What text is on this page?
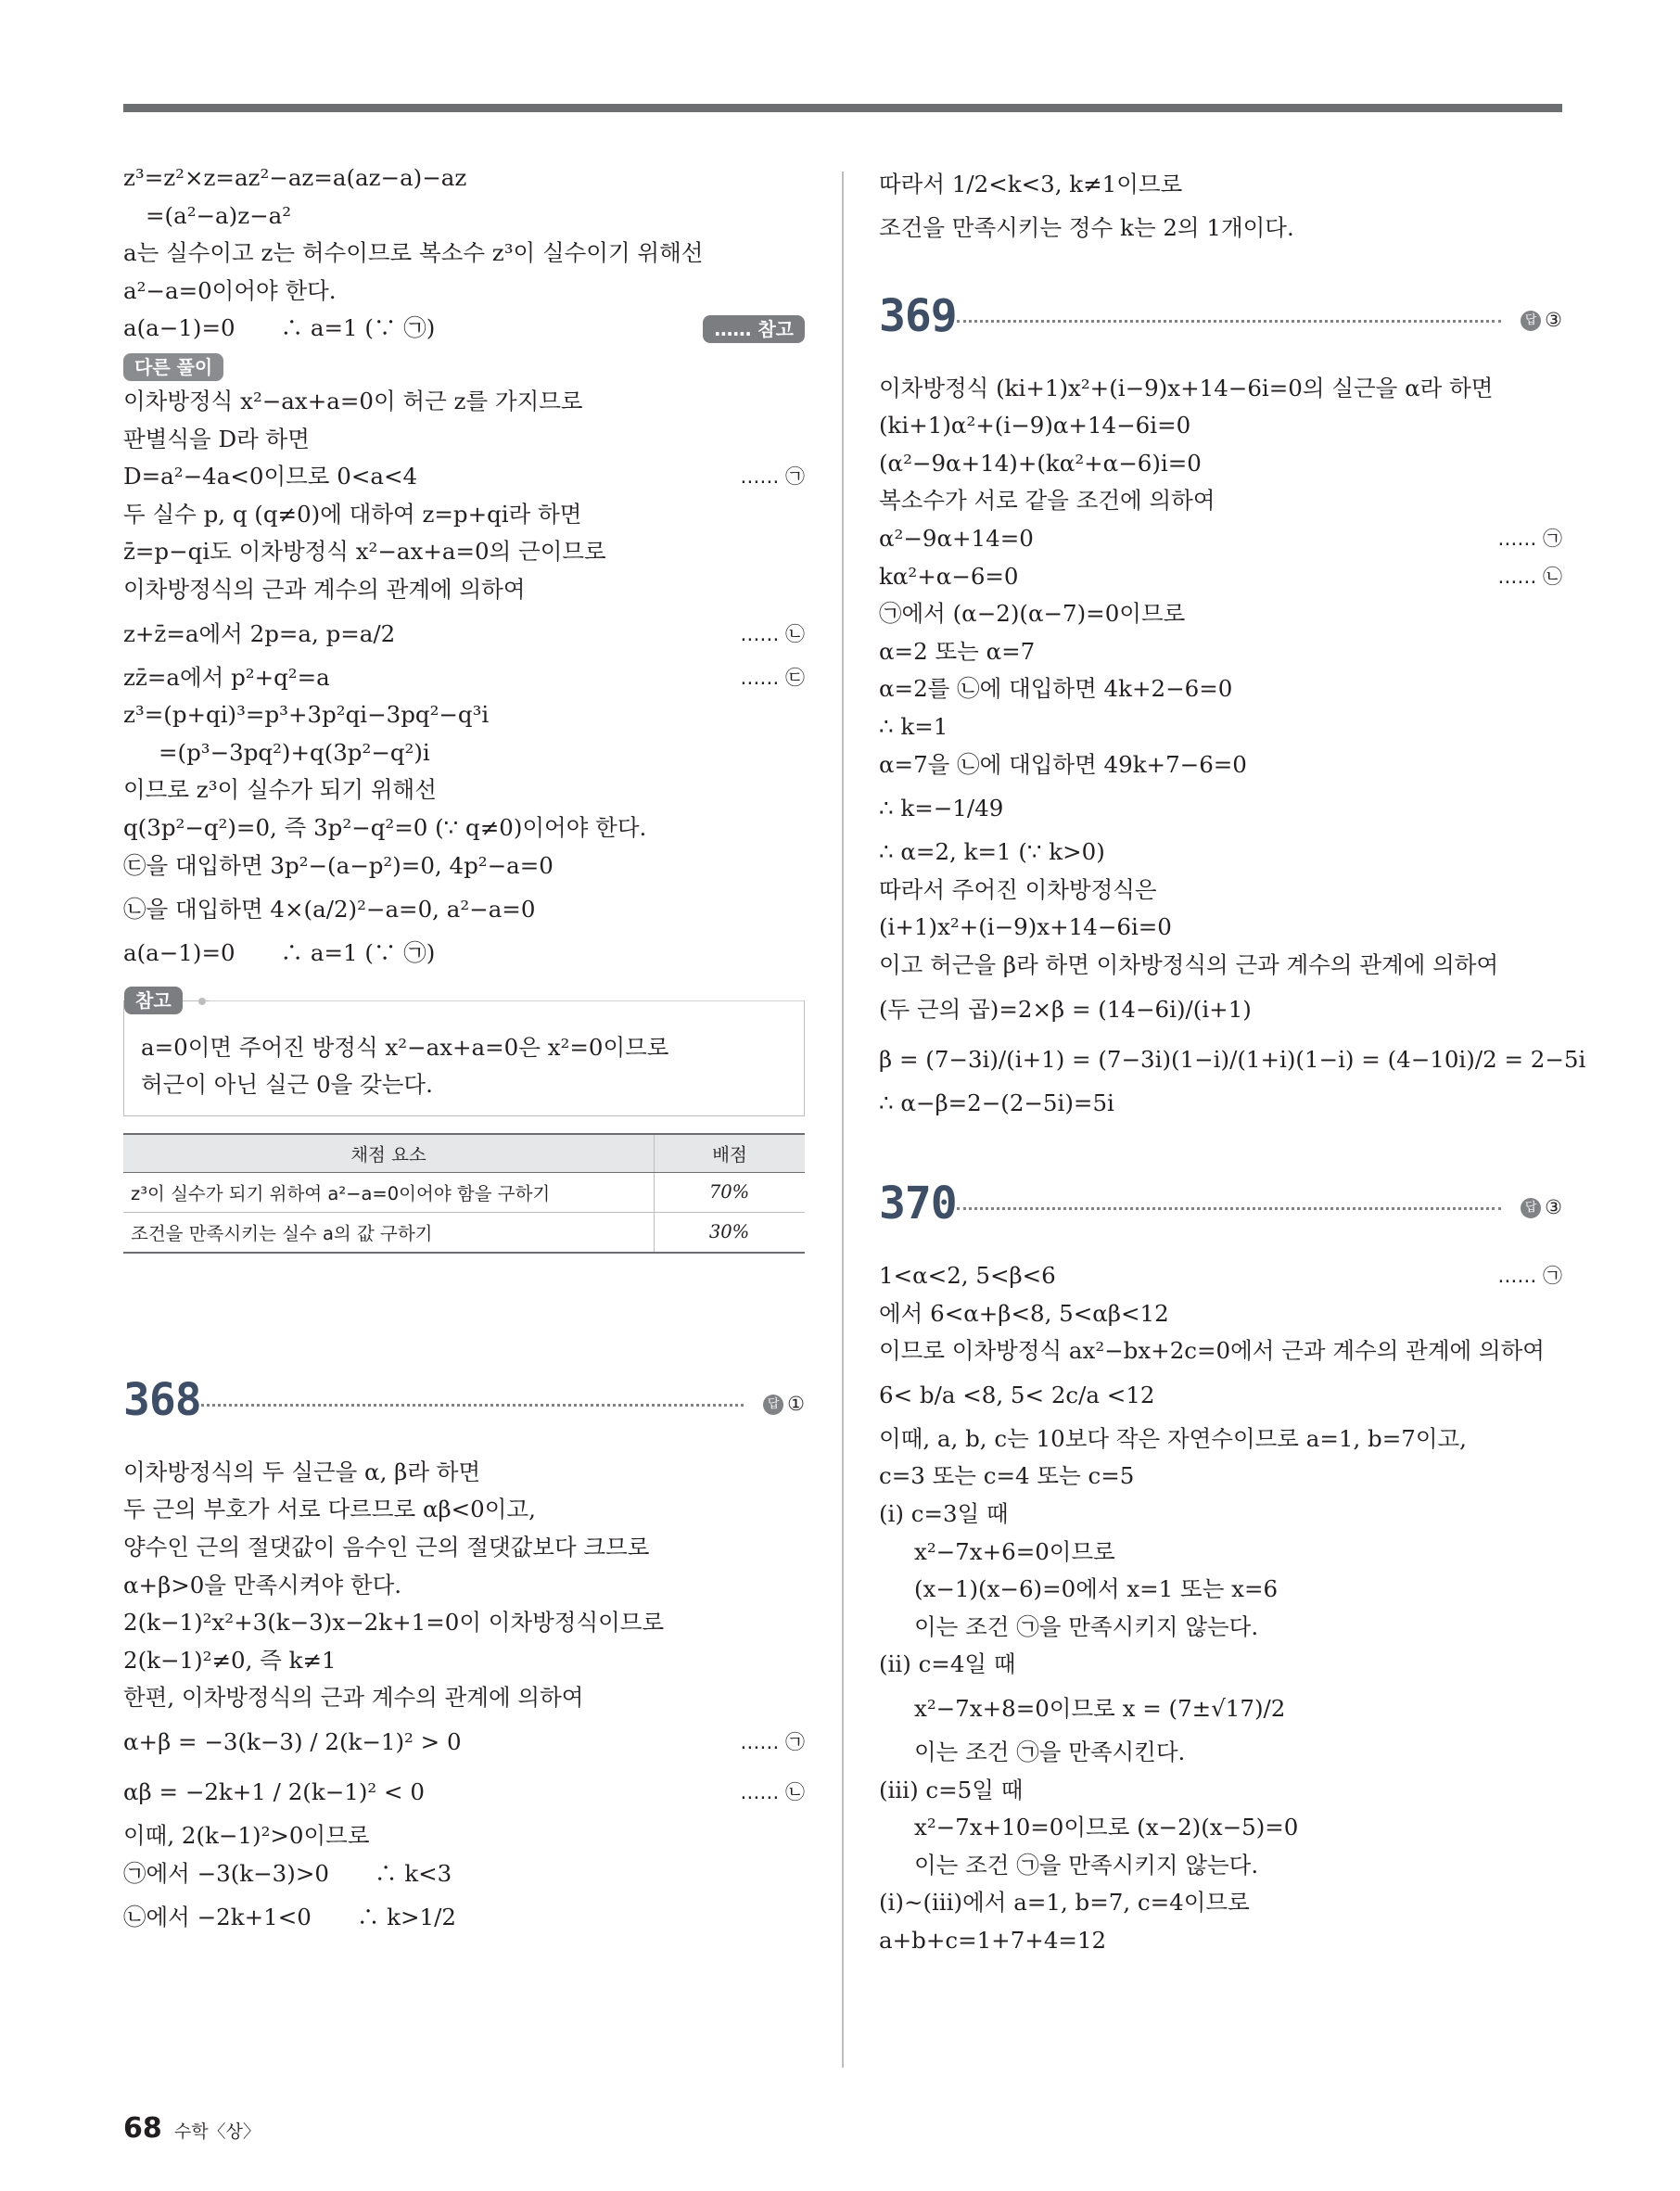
z³=z²×z=az²−az=a(az−a)−az
=(a²−a)z−a²
a는 실수이고 z는 허수이므로 복소수 z³이 실수이기 위해선
a²−a=0이어야 한다.
a(a−1)=0　　∴ a=1 (∵ ㉠)	…… 참고
다른 풀이
이차방정식 x²−ax+a=0이 허근 z를 가지므로
판별식을 D라 하면
D=a²−4a<0이므로 0<a<4	…… ㉠
두 실수 p, q (q≠0)에 대하여 z=p+qi라 하면
z̄=p−qi도 이차방정식 x²−ax+a=0의 근이므로
이차방정식의 근과 계수의 관계에 의하여
z+z̄=a에서 2p=a, p=a/2	…… ㉡
zz̄=a에서 p²+q²=a	…… ㉢
z³=(p+qi)³=p³+3p²qi−3pq²−q³i
=(p³−3pq²)+q(3p²−q²)i
이므로 z³이 실수가 되기 위해선
q(3p²−q²)=0, 즉 3p²−q²=0 (∵ q≠0)이어야 한다.
㉢을 대입하면 3p²−(a−p²)=0, 4p²−a=0
㉡을 대입하면 4×(a/2)²−a=0, a²−a=0
a(a−1)=0　　∴ a=1 (∵ ㉠)
참고
a=0이면 주어진 방정식 x²−ax+a=0은 x²=0이므로
허근이 아닌 실근 0을 갖는다.
채점 요소	배점
z³이 실수가 되기 위하여 a²−a=0이어야 함을 구하기	70%
조건을 만족시키는 실수 a의 값 구하기	30%
368	답 ①
이차방정식의 두 실근을 α, β라 하면
두 근의 부호가 서로 다르므로 αβ<0이고,
양수인 근의 절댓값이 음수인 근의 절댓값보다 크므로
α+β>0을 만족시켜야 한다.
2(k−1)²x²+3(k−3)x−2k+1=0이 이차방정식이므로
2(k−1)²≠0, 즉 k≠1
한편, 이차방정식의 근과 계수의 관계에 의하여
α+β = −3(k−3) / 2(k−1)² > 0	…… ㉠
αβ = −2k+1 / 2(k−1)² < 0	…… ㉡
이때, 2(k−1)²>0이므로
㉠에서 −3(k−3)>0　　∴ k<3
㉡에서 −2k+1<0　　∴ k>1/2
따라서 1/2<k<3, k≠1이므로
조건을 만족시키는 정수 k는 2의 1개이다.
369	답 ③
이차방정식 (ki+1)x²+(i−9)x+14−6i=0의 실근을 α라 하면
(ki+1)α²+(i−9)α+14−6i=0
(α²−9α+14)+(kα²+α−6)i=0
복소수가 서로 같을 조건에 의하여
α²−9α+14=0	…… ㉠
kα²+α−6=0	…… ㉡
㉠에서 (α−2)(α−7)=0이므로
α=2 또는 α=7
α=2를 ㉡에 대입하면 4k+2−6=0
∴ k=1
α=7을 ㉡에 대입하면 49k+7−6=0
∴ k=−1/49
∴ α=2, k=1 (∵ k>0)
따라서 주어진 이차방정식은
(i+1)x²+(i−9)x+14−6i=0
이고 허근을 β라 하면 이차방정식의 근과 계수의 관계에 의하여
(두 근의 곱)=2×β = (14−6i)/(i+1)
β = (7−3i)/(i+1) = (7−3i)(1−i)/(1+i)(1−i) = (4−10i)/2 = 2−5i
∴ α−β=2−(2−5i)=5i
370	답 ③
1<α<2, 5<β<6	…… ㉠
에서 6<α+β<8, 5<αβ<12
이므로 이차방정식 ax²−bx+2c=0에서 근과 계수의 관계에 의하여
6< b/a <8, 5< 2c/a <12
이때, a, b, c는 10보다 작은 자연수이므로 a=1, b=7이고,
c=3 또는 c=4 또는 c=5
(ⅰ) c=3일 때
x²−7x+6=0이므로
(x−1)(x−6)=0에서 x=1 또는 x=6
이는 조건 ㉠을 만족시키지 않는다.
(ⅱ) c=4일 때
x²−7x+8=0이므로 x = (7±√17)/2
이는 조건 ㉠을 만족시킨다.
(ⅲ) c=5일 때
x²−7x+10=0이므로 (x−2)(x−5)=0
이는 조건 ㉠을 만족시키지 않는다.
(ⅰ)~(ⅲ)에서 a=1, b=7, c=4이므로
a+b+c=1+7+4=12
68 수학〈상〉
